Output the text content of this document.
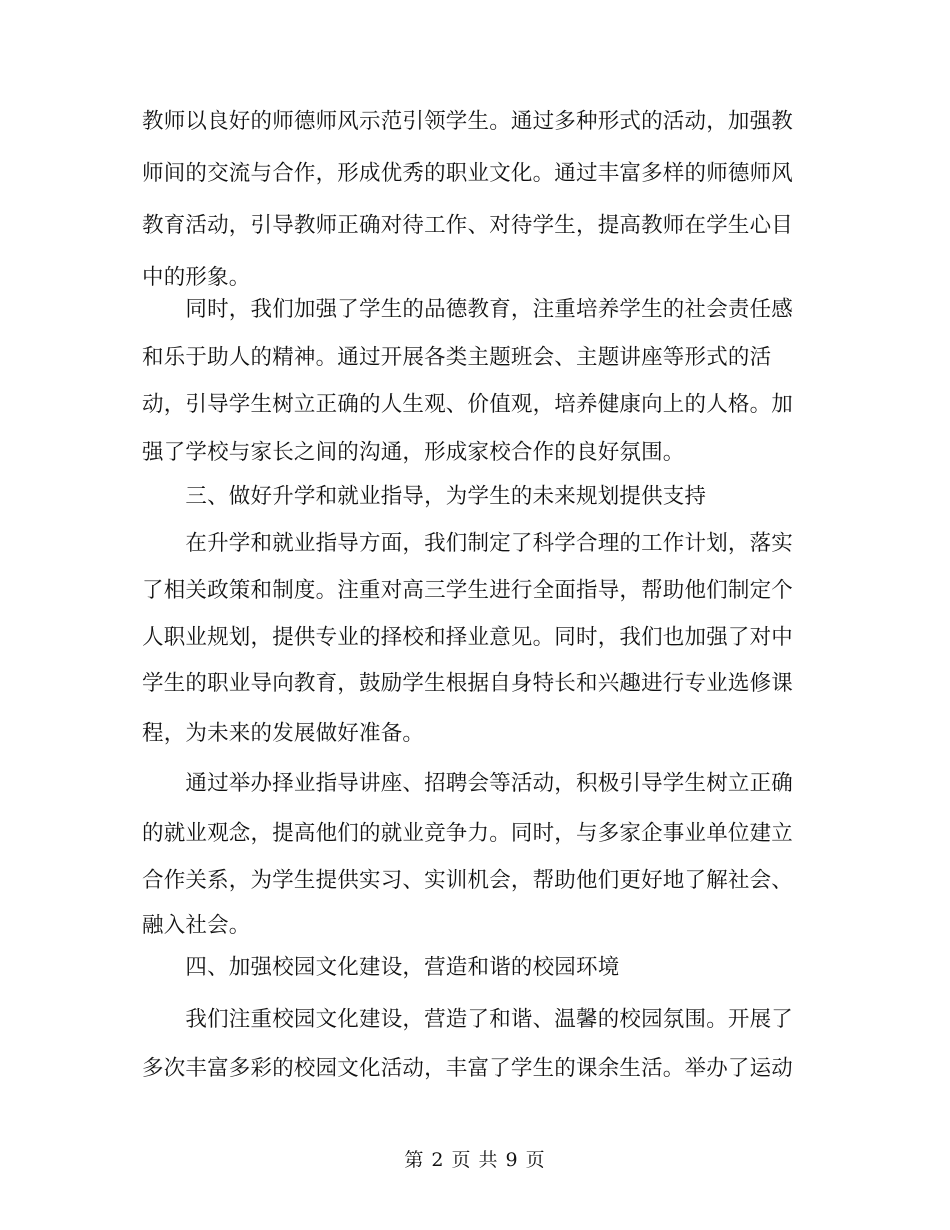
教师以良好的师德师风示范引领学生。通过多种形式的活动，加强教
师间的交流与合作，形成优秀的职业文化。通过丰富多样的师德师风
教育活动，引导教师正确对待工作、对待学生，提高教师在学生心目
中的形象。
　　同时，我们加强了学生的品德教育，注重培养学生的社会责任感
和乐于助人的精神。通过开展各类主题班会、主题讲座等形式的活
动，引导学生树立正确的人生观、价值观，培养健康向上的人格。加
强了学校与家长之间的沟通，形成家校合作的良好氛围。
　　三、做好升学和就业指导，为学生的未来规划提供支持
　　在升学和就业指导方面，我们制定了科学合理的工作计划，落实
了相关政策和制度。注重对高三学生进行全面指导，帮助他们制定个
人职业规划，提供专业的择校和择业意见。同时，我们也加强了对中
学生的职业导向教育，鼓励学生根据自身特长和兴趣进行专业选修课
程，为未来的发展做好准备。
　　通过举办择业指导讲座、招聘会等活动，积极引导学生树立正确
的就业观念，提高他们的就业竞争力。同时，与多家企事业单位建立
合作关系，为学生提供实习、实训机会，帮助他们更好地了解社会、
融入社会。
　　四、加强校园文化建设，营造和谐的校园环境
　　我们注重校园文化建设，营造了和谐、温馨的校园氛围。开展了
多次丰富多彩的校园文化活动，丰富了学生的课余生活。举办了运动
第 2 页 共 9 页
